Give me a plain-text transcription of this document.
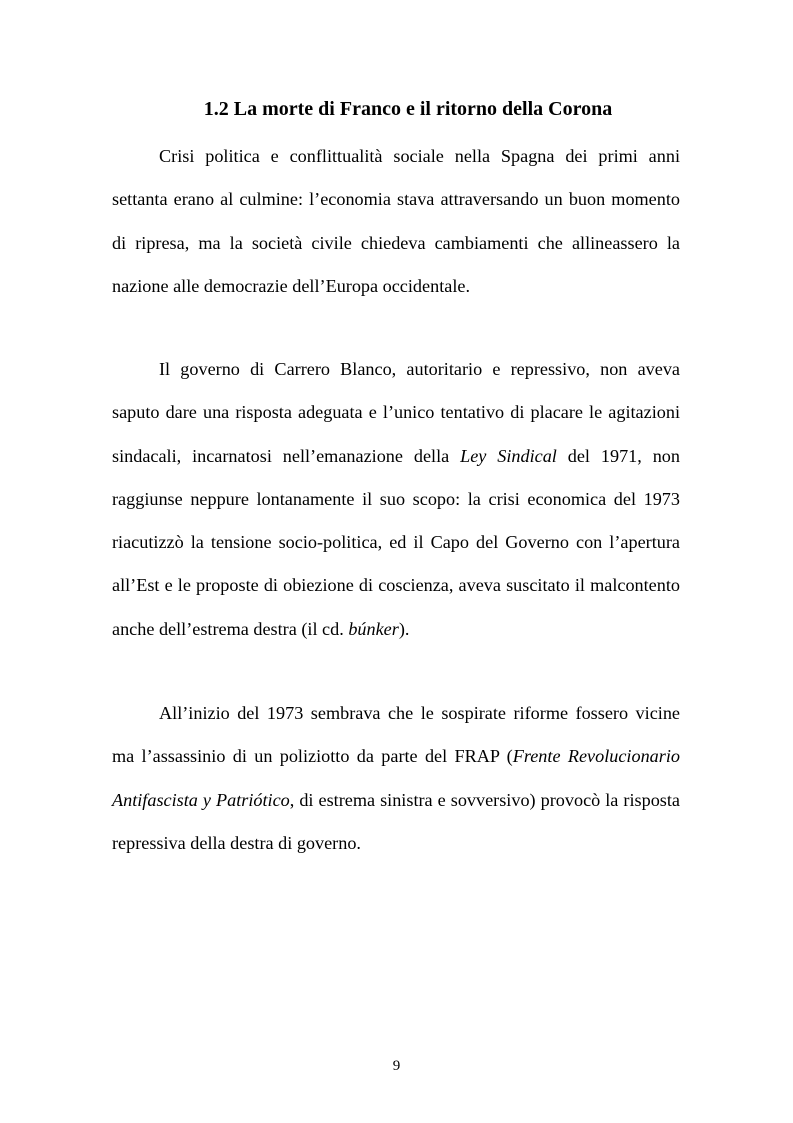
1.2 La morte di Franco e il ritorno della Corona

Crisi politica e conflittualità sociale nella Spagna dei primi anni settanta erano al culmine: l’economia stava attraversando un buon momento di ripresa, ma la società civile chiedeva cambiamenti che allineassero la nazione alle democrazie dell’Europa occidentale.

Il governo di Carrero Blanco, autoritario e repressivo, non aveva saputo dare una risposta adeguata e l’unico tentativo di placare le agitazioni sindacali, incarnatosi nell’emanazione della Ley Sindical del 1971, non raggiunse neppure lontanamente il suo scopo: la crisi economica del 1973 riacutizzò la tensione socio-politica, ed il Capo del Governo con l’apertura all’Est e le proposte di obiezione di coscienza, aveva suscitato il malcontento anche dell’estrema destra (il cd. búnker).

All’inizio del 1973 sembrava che le sospirate riforme fossero vicine ma l’assassinio di un poliziotto da parte del FRAP (Frente Revolucionario Antifascista y Patriótico, di estrema sinistra e sovversivo) provocò la risposta repressiva della destra di governo.

9
